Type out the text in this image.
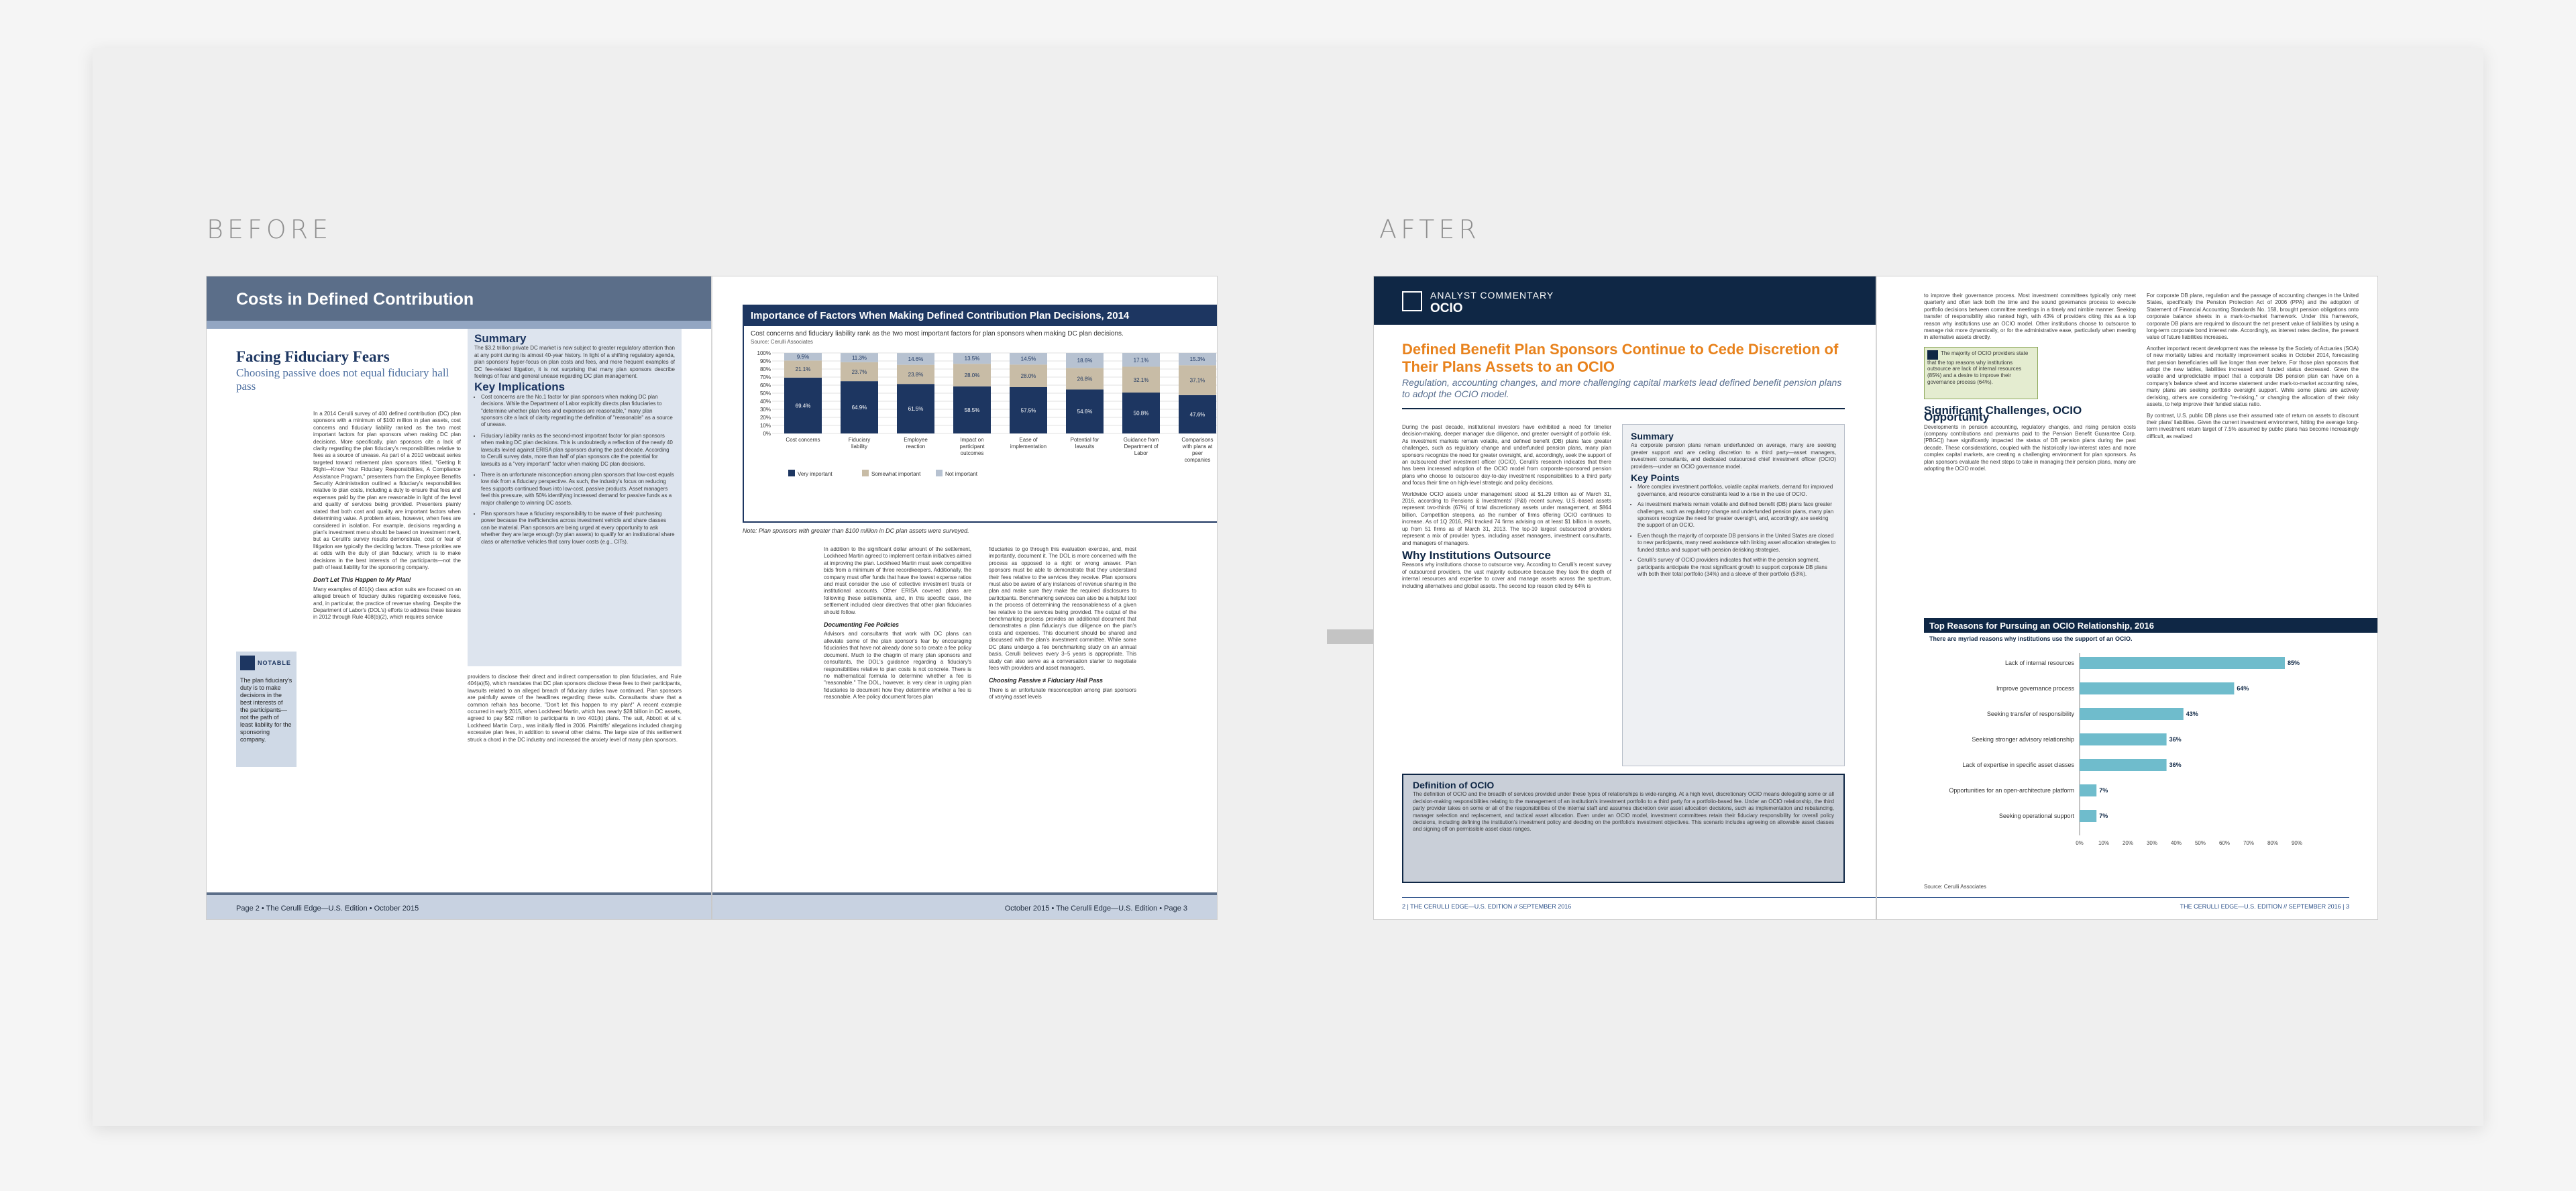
BEFORE	AFTER
Costs in Defined Contribution
Facing Fiduciary Fears
Choosing passive does not equal fiduciary hall pass
Summary

The $3.2 trillion private DC market is now subject to greater regulatory attention than at any point during its almost 40-year history. In light of a shifting regulatory agenda, plan sponsors' hyper-focus on plan costs and fees, and more frequent examples of DC fee-related litigation, it is not surprising that many plan sponsors describe feelings of fear and general unease regarding DC plan management.

Key Implications
• Cost concerns are the No.1 factor for plan sponsors when making DC plan decisions. While the Department of Labor explicitly directs plan fiduciaries to "determine whether plan fees and expenses are reasonable," many plan sponsors cite a lack of clarity regarding the definition of "reasonable" as a source of unease.
• Fiduciary liability ranks as the second-most important factor for plan sponsors when making DC plan decisions. This is undoubtedly a reflection of the nearly 40 lawsuits levied against ERISA plan sponsors during the past decade. According to Cerulli survey data, more than half of plan sponsors cite the potential for lawsuits as a "very important" factor when making DC plan decisions.
• There is an unfortunate misconception among plan sponsors that low-cost equals low risk from a fiduciary perspective. As such, the industry's focus on reducing fees supports continued flows into low-cost, passive products. Asset managers feel this pressure, with 50% identifying increased demand for passive funds as a major challenge to winning DC assets.
• Plan sponsors have a fiduciary responsibility to be aware of their purchasing power because the inefficiencies across investment vehicle and share classes can be material. Plan sponsors are being urged at every opportunity to ask whether they are large enough (by plan assets) to qualify for an institutional share class or alternative vehicles that carry lower costs (e.g., CITs).

In a 2014 Cerulli survey of 400 defined contribution (DC) plan sponsors with a minimum of $100 million in plan assets, cost concerns and fiduciary liability ranked as the two most important factors for plan sponsors when making DC plan decisions. More specifically, plan sponsors cite a lack of clarity regarding the plan fiduciary's responsibilities relative to fees as a source of unease. As part of a 2010 webcast series targeted toward retirement plan sponsors titled, "Getting It Right—Know Your Fiduciary Responsibilities, A Compliance Assistance Program," presenters from the Employee Benefits Security Administration outlined a fiduciary's responsibilities relative to plan costs, including a duty to ensure that fees and expenses paid by the plan are reasonable in light of the level and quality of services being provided. Presenters plainly stated that both cost and quality are important factors when determining value. A problem arises, however, when fees are considered in isolation. For example, decisions regarding a plan's investment menu should be based on investment merit, but as Cerulli's survey results demonstrate, cost or fear of litigation are typically the deciding factors. These priorities are at odds with the duty of plan fiduciary, which is to make decisions in the best interests of the participants—not the path of least liability for the sponsoring company.

Don't Let This Happen to My Plan!

Many examples of 401(k) class action suits are focused on an alleged breach of fiduciary duties regarding excessive fees, and, in particular, the practice of revenue sharing. Despite the Department of Labor's (DOL's) efforts to address these issues in 2012 through Rule 408(b)(2), which requires service

NOTABLE
The plan fiduciary's duty is to make decisions in the best interests of the participants—not the path of least liability for the sponsoring company.

providers to disclose their direct and indirect compensation to plan fiduciaries, and Rule 404(a)(5), which mandates that DC plan sponsors disclose these fees to their participants, lawsuits related to an alleged breach of fiduciary duties have continued. Plan sponsors are painfully aware of the headlines regarding these suits. Consultants share that a common refrain has become, "Don't let this happen to my plan!" A recent example occurred in early 2015, when Lockheed Martin, which has nearly $28 billion in DC assets, agreed to pay $62 million to participants in two 401(k) plans. The suit, Abbott et al v. Lockheed Martin Corp., was initially filed in 2006. Plaintiffs' allegations included charging excessive plan fees, in addition to several other claims. The large size of this settlement struck a chord in the DC industry and increased the anxiety level of many plan sponsors.

Page 2 • The Cerulli Edge—U.S. Edition • October 2015
Importance of Factors When Making Defined Contribution Plan Decisions, 2014
Cost concerns and fiduciary liability rank as the two most important factors for plan sponsors when making DC plan decisions.
Source: Cerulli Associates
0%
10%
20%
30%
40%
50%
60%
70%
80%
90%
100%
69.4%
21.1%
9.5%
Cost concerns
64.9%
23.7%
11.3%
Fiduciary
liability
61.5%
23.8%
14.6%
Employee
reaction
58.5%
28.0%
13.5%
Impact on
participant
outcomes
57.5%
28.0%
14.5%
Ease of
implementation
54.6%
26.8%
18.6%
Potential for
lawsuits
50.8%
32.1%
17.1%
Guidance from
Department of
Labor
47.6%
37.1%
15.3%
Comparisons
with plans at
peer
companies
Very important	Somewhat important	Not important
Note: Plan sponsors with greater than $100 million in DC plan assets were surveyed.

In addition to the significant dollar amount of the settlement, Lockheed Martin agreed to implement certain initiatives aimed at improving the plan. Lockheed Martin must seek competitive bids from a minimum of three recordkeepers. Additionally, the company must offer funds that have the lowest expense ratios and must consider the use of collective investment trusts or institutional accounts. Other ERISA covered plans are following these settlements, and, in this specific case, the settlement included clear directives that other plan fiduciaries should follow.

Documenting Fee Policies

Advisors and consultants that work with DC plans can alleviate some of the plan sponsor's fear by encouraging fiduciaries that have not already done so to create a fee policy document. Much to the chagrin of many plan sponsors and consultants, the DOL's guidance regarding a fiduciary's responsibilities relative to plan costs is not concrete. There is no mathematical formula to determine whether a fee is "reasonable." The DOL, however, is very clear in urging plan fiduciaries to document how they determine whether a fee is reasonable. A fee policy document forces plan

fiduciaries to go through this evaluation exercise, and, most importantly, document it. The DOL is more concerned with the process as opposed to a right or wrong answer. Plan sponsors must be able to demonstrate that they understand their fees relative to the services they receive. Plan sponsors must also be aware of any instances of revenue sharing in the plan and make sure they make the required disclosures to participants. Benchmarking services can also be a helpful tool in the process of determining the reasonableness of a given fee relative to the services being provided. The output of the benchmarking process provides an additional document that demonstrates a plan fiduciary's due diligence on the plan's costs and expenses. This document should be shared and discussed with the plan's investment committee. While some DC plans undergo a fee benchmarking study on an annual basis, Cerulli believes every 3–5 years is appropriate. This study can also serve as a conversation starter to negotiate fees with providers and asset managers.

Choosing Passive ≠ Fiduciary Hall Pass

There is an unfortunate misconception among plan sponsors of varying asset levels

October 2015 • The Cerulli Edge—U.S. Edition • Page 3
ANALYST COMMENTARY
OCIO
Defined Benefit Plan Sponsors Continue to Cede Discretion of Their Plans Assets to an OCIO
Regulation, accounting changes, and more challenging capital markets lead defined benefit pension plans to adopt the OCIO model.

During the past decade, institutional investors have exhibited a need for timelier decision-making, deeper manager due diligence, and greater oversight of portfolio risk. As investment markets remain volatile, and defined benefit (DB) plans face greater challenges, such as regulatory change and underfunded pension plans, many plan sponsors recognize the need for greater oversight, and, accordingly, seek the support of an outsourced chief investment officer (OCIO). Cerulli's research indicates that there has been increased adoption of the OCIO model from corporate-sponsored pension plans who choose to outsource day-to-day investment responsibilities to a third party and focus their time on high-level strategic and policy decisions.

Worldwide OCIO assets under management stood at $1.29 trillion as of March 31, 2016, according to Pensions & Investments' (P&I) recent survey. U.S.-based assets represent two-thirds (67%) of total discretionary assets under management, at $864 billion. Competition steepens, as the number of firms offering OCIO continues to increase. As of 1Q 2016, P&I tracked 74 firms advising on at least $1 billion in assets, up from 51 firms as of March 31, 2013. The top-10 largest outsourced providers represent a mix of provider types, including asset managers, investment consultants, and managers of managers.

Why Institutions Outsource

Reasons why institutions choose to outsource vary. According to Cerulli's recent survey of outsourced providers, the vast majority outsource because they lack the depth of internal resources and expertise to cover and manage assets across the spectrum, including alternatives and global assets. The second top reason cited by 64% is

Summary

As corporate pension plans remain underfunded on average, many are seeking greater support and are ceding discretion to a third party—asset managers, investment consultants, and dedicated outsourced chief investment officer (OCIO) providers—under an OCIO governance model.

Key Points
• More complex investment portfolios, volatile capital markets, demand for improved governance, and resource constraints lead to a rise in the use of OCIO.
• As investment markets remain volatile and defined benefit (DB) plans face greater challenges, such as regulatory change and underfunded pension plans, many plan sponsors recognize the need for greater oversight, and, accordingly, are seeking the support of an OCIO.
• Even though the majority of corporate DB pensions in the United States are closed to new participants, many need assistance with linking asset allocation strategies to funded status and support with pension derisking strategies.
• Cerulli's survey of OCIO providers indicates that within the pension segment, participants anticipate the most significant growth to support corporate DB plans with both their total portfolio (34%) and a sleeve of their portfolio (53%).
Definition of OCIO

The definition of OCIO and the breadth of services provided under these types of relationships is wide-ranging. At a high level, discretionary OCIO means delegating some or all decision-making responsibilities relating to the management of an institution's investment portfolio to a third party for a portfolio-based fee. Under an OCIO relationship, the third party provider takes on some or all of the responsibilities of the internal staff and assumes discretion over asset allocation decisions, such as implementation and rebalancing, manager selection and replacement, and tactical asset allocation. Even under an OCIO model, investment committees retain their fiduciary responsibility for overall policy decisions, including defining the institution's investment policy and deciding on the portfolio's investment objectives. This scenario includes agreeing on allowable asset classes and signing off on permissible asset class ranges.

2 | THE CERULLI EDGE—U.S. EDITION // SEPTEMBER 2016

to improve their governance process. Most investment committees typically only meet quarterly and often lack both the time and the sound governance process to execute portfolio decisions between committee meetings in a timely and nimble manner. Seeking transfer of responsibility also ranked high, with 43% of providers citing this as a top reason why institutions use an OCIO model. Other institutions choose to outsource to manage risk more dynamically, or for the administrative ease, particularly when meeting in alternative assets directly.

The majority of OCIO providers state that the top reasons why institutions outsource are lack of internal resources (85%) and a desire to improve their governance process (64%).
Significant Challenges, OCIO Opportunity

Developments in pension accounting, regulatory changes, and rising pension costs (company contributions and premiums paid to the Pension Benefit Guarantee Corp. [PBGC]) have significantly impacted the status of DB pension plans during the past decade. These considerations, coupled with the historically low-interest rates and more complex capital markets, are creating a challenging environment for plan sponsors. As plan sponsors evaluate the next steps to take in managing their pension plans, many are adopting the OCIO model.

For corporate DB plans, regulation and the passage of accounting changes in the United States, specifically the Pension Protection Act of 2006 (PPA) and the adoption of Statement of Financial Accounting Standards No. 158, brought pension obligations onto corporate balance sheets in a mark-to-market framework. Under this framework, corporate DB plans are required to discount the net present value of liabilities by using a long-term corporate bond interest rate. Accordingly, as interest rates decline, the present value of future liabilities increases.

Another important recent development was the release by the Society of Actuaries (SOA) of new mortality tables and mortality improvement scales in October 2014, forecasting that pension beneficiaries will live longer than ever before. For those plan sponsors that adopt the new tables, liabilities increased and funded status decreased. Given the volatile and unpredictable impact that a corporate DB pension plan can have on a company's balance sheet and income statement under mark-to-market accounting rules, many plans are seeking portfolio oversight support. While some plans are actively derisking, others are considering "re-risking," or changing the allocation of their risky assets, to help improve their funded status ratio.

By contrast, U.S. public DB plans use their assumed rate of return on assets to discount their plans' liabilities. Given the current investment environment, hitting the average long-term investment return target of 7.5% assumed by public plans has become increasingly difficult, as realized

Top Reasons for Pursuing an OCIO Relationship, 2016
There are myriad reasons why institutions use the support of an OCIO.
0%	10% 20% 30% 40% 50% 60% 70% 80% 90%
Lack of internal resources	85%
Improve governance process	64%
Seeking transfer of responsibility	43%
Seeking stronger advisory relationship	36%
Lack of expertise in specific asset classes	36%
Opportunities for an open-architecture platform	7%
Seeking operational support	7%
Source: Cerulli Associates
THE CERULLI EDGE—U.S. EDITION // SEPTEMBER 2016 | 3
